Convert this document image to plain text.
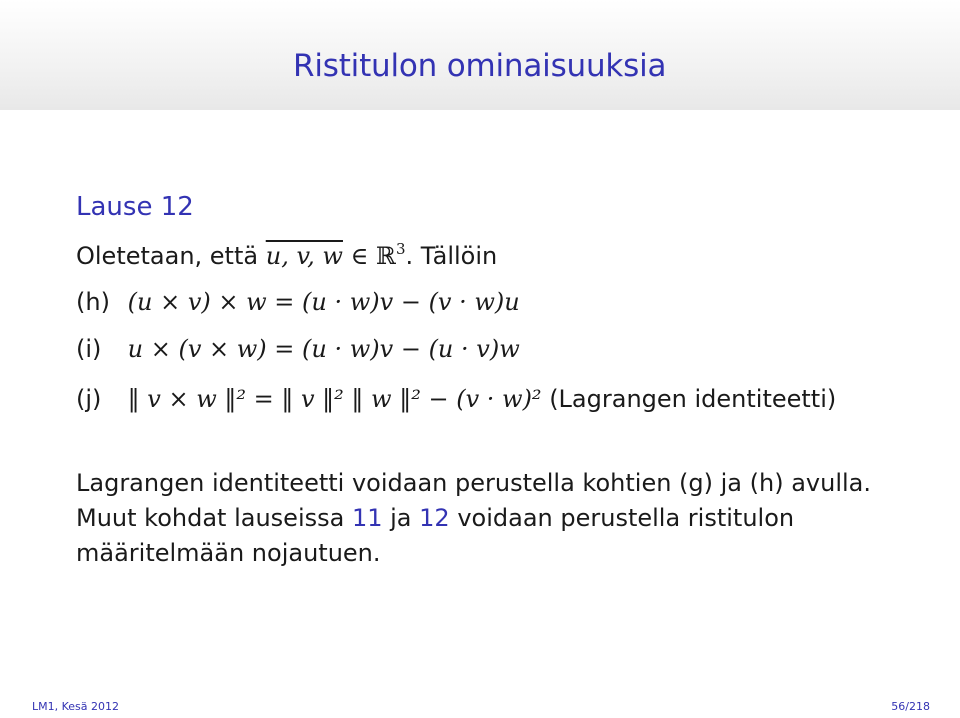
Ristitulon ominaisuuksia
Lause 12
Oletetaan, että u, v, w ∈ ℝ$^3$. Tällöin
(h) (u × v) × w = (u · w)v − (v · w)u
(i) u × (v × w) = (u · w)v − (u · v)w
(j) ‖ v × w ‖² = ‖ v ‖² ‖ w ‖² − (v · w)² (Lagrangen identiteetti)
Lagrangen identiteetti voidaan perustella kohtien (g) ja (h) avulla.
Muut kohdat lauseissa 11 ja 12 voidaan perustella ristitulon
määritelmään nojautuen.
LM1, Kesä 2012	56/218
